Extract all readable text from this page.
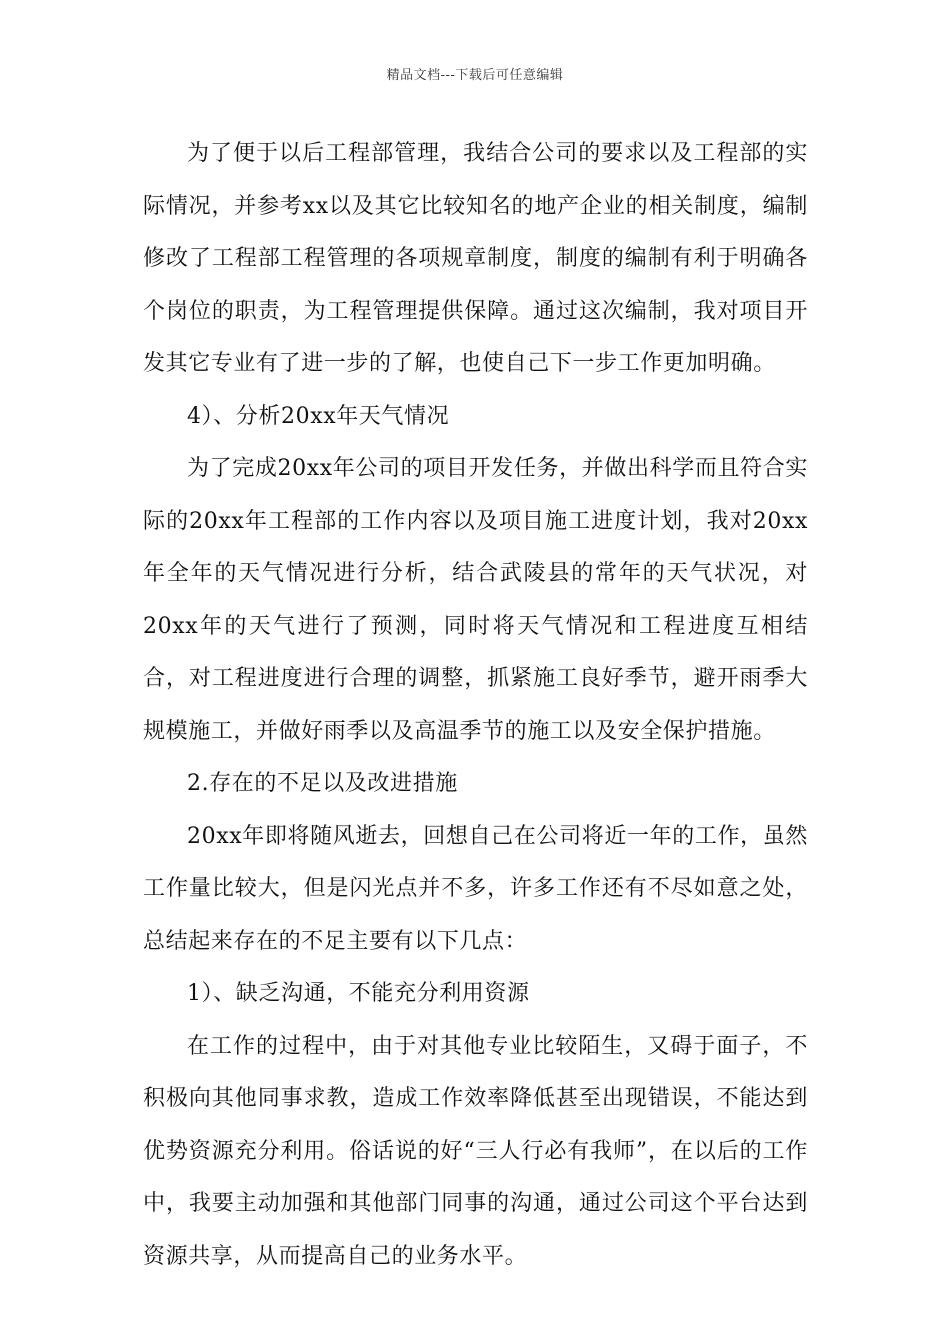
精品文档---下载后可任意编辑

为了便于以后工程部管理，我结合公司的要求以及工程部的实际情况，并参考xx以及其它比较知名的地产企业的相关制度，编制修改了工程部工程管理的各项规章制度，制度的编制有利于明确各个岗位的职责，为工程管理提供保障。通过这次编制，我对项目开发其它专业有了进一步的了解，也使自己下一步工作更加明确。

4）、分析20xx年天气情况

为了完成20xx年公司的项目开发任务，并做出科学而且符合实际的20xx年工程部的工作内容以及项目施工进度计划，我对20xx年全年的天气情况进行分析，结合武陵县的常年的天气状况，对20xx年的天气进行了预测，同时将天气情况和工程进度互相结合，对工程进度进行合理的调整，抓紧施工良好季节，避开雨季大规模施工，并做好雨季以及高温季节的施工以及安全保护措施。

2.存在的不足以及改进措施

20xx年即将随风逝去，回想自己在公司将近一年的工作，虽然工作量比较大，但是闪光点并不多，许多工作还有不尽如意之处，总结起来存在的不足主要有以下几点：

1）、缺乏沟通，不能充分利用资源

在工作的过程中，由于对其他专业比较陌生，又碍于面子，不积极向其他同事求教，造成工作效率降低甚至出现错误，不能达到优势资源充分利用。俗话说的好“三人行必有我师”，在以后的工作中，我要主动加强和其他部门同事的沟通，通过公司这个平台达到资源共享，从而提高自己的业务水平。
